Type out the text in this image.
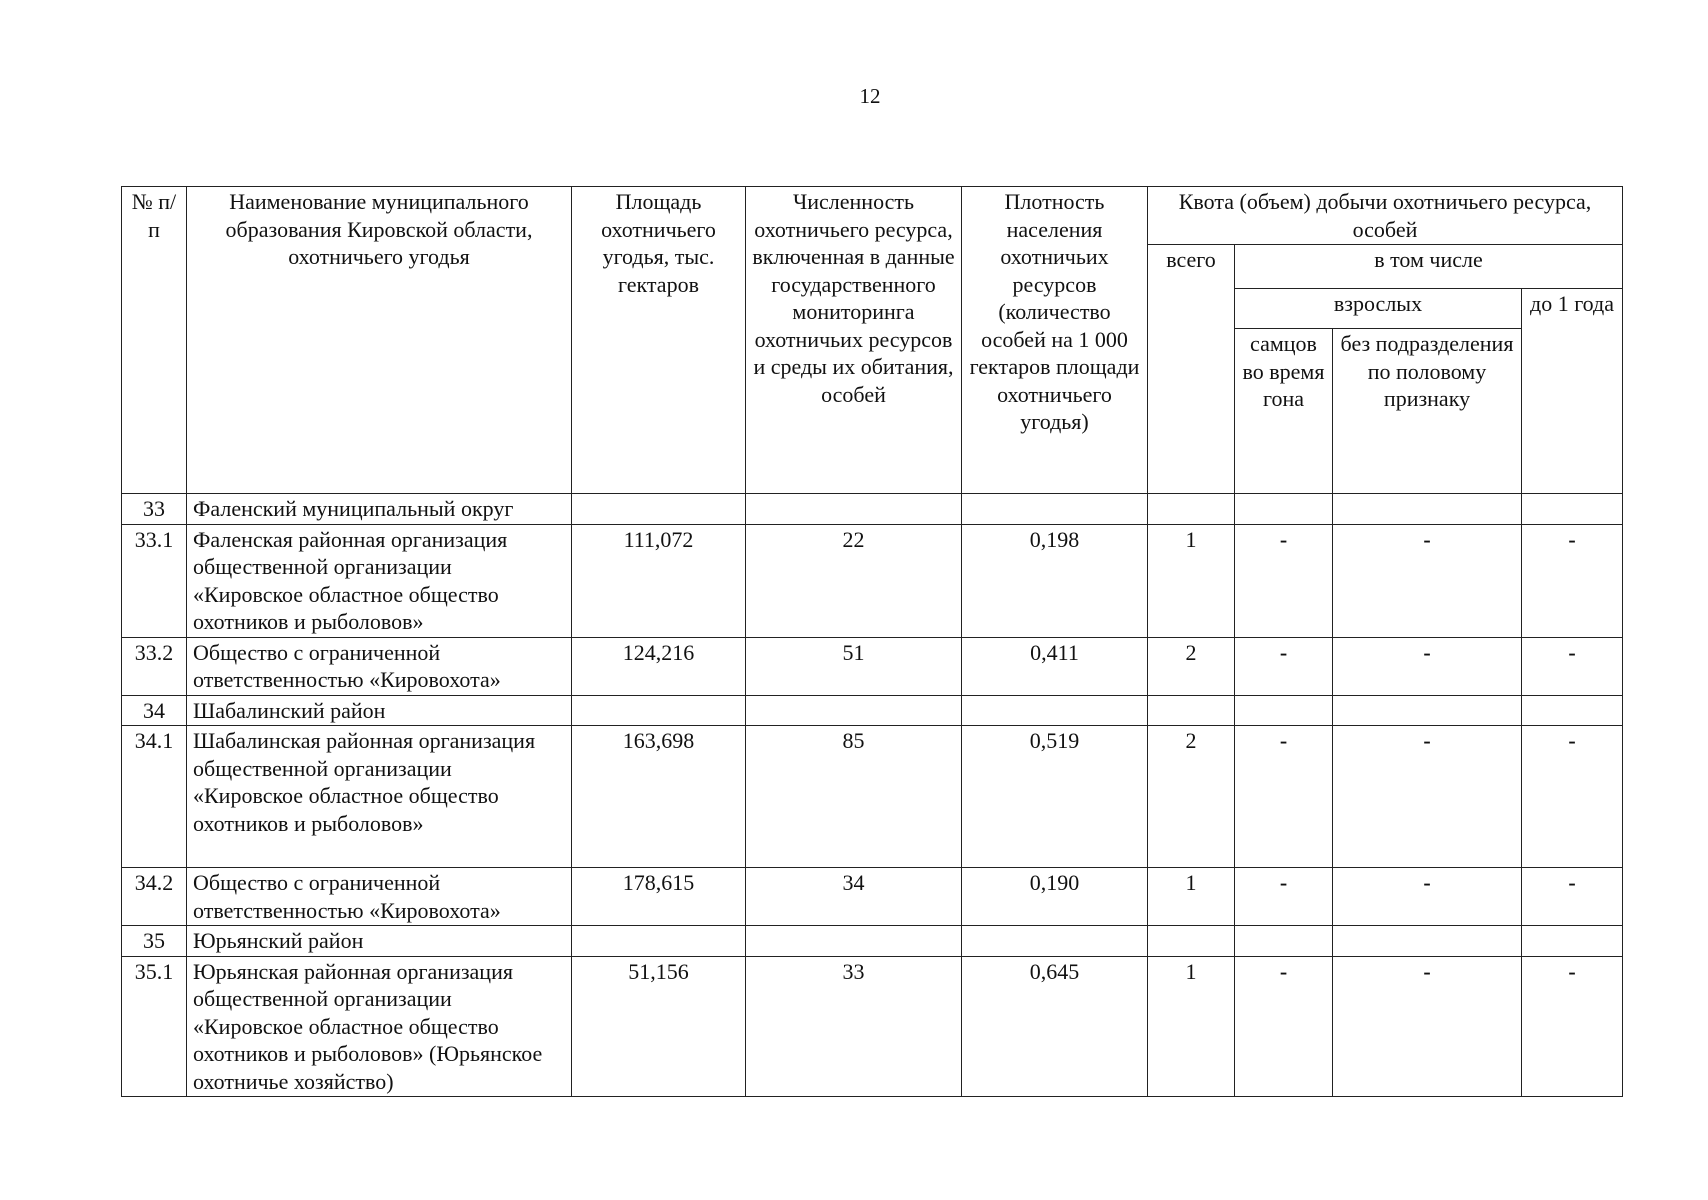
12
№ п/п	Наименование муниципального образования Кировской области, охотничьего угодья	Площадь охотничьего угодья, тыс. гектаров	Численность охотничьего ресурса, включенная в данные государственного мониторинга охотничьих ресурсов и среды их обитания, особей	Плотность населения охотничьих ресурсов (количество особей на 1 000 гектаров площади охотничьего угодья)	Квота (объем) добычи охотничьего ресурса, особей			
					всего	в том числе		
						взрослых		до 1 года
						самцов во время гона	без подразделения по половому признаку	
33	Фаленский муниципальный округ							
33.1	Фаленская районная организация общественной организации «Кировское областное общество охотников и рыболовов»	111,072	22	0,198	1	-	-	-
33.2	Общество с ограниченной ответственностью «Кировохота»	124,216	51	0,411	2	-	-	-
34	Шабалинский район							
34.1	Шабалинская районная организация общественной организации «Кировское областное общество охотников и рыболовов»	163,698	85	0,519	2	-	-	-
34.2	Общество с ограниченной ответственностью «Кировохота»	178,615	34	0,190	1	-	-	-
35	Юрьянский район							
35.1	Юрьянская районная организация общественной организации «Кировское областное общество охотников и рыболовов» (Юрьянское охотничье хозяйство)	51,156	33	0,645	1	-	-	-
